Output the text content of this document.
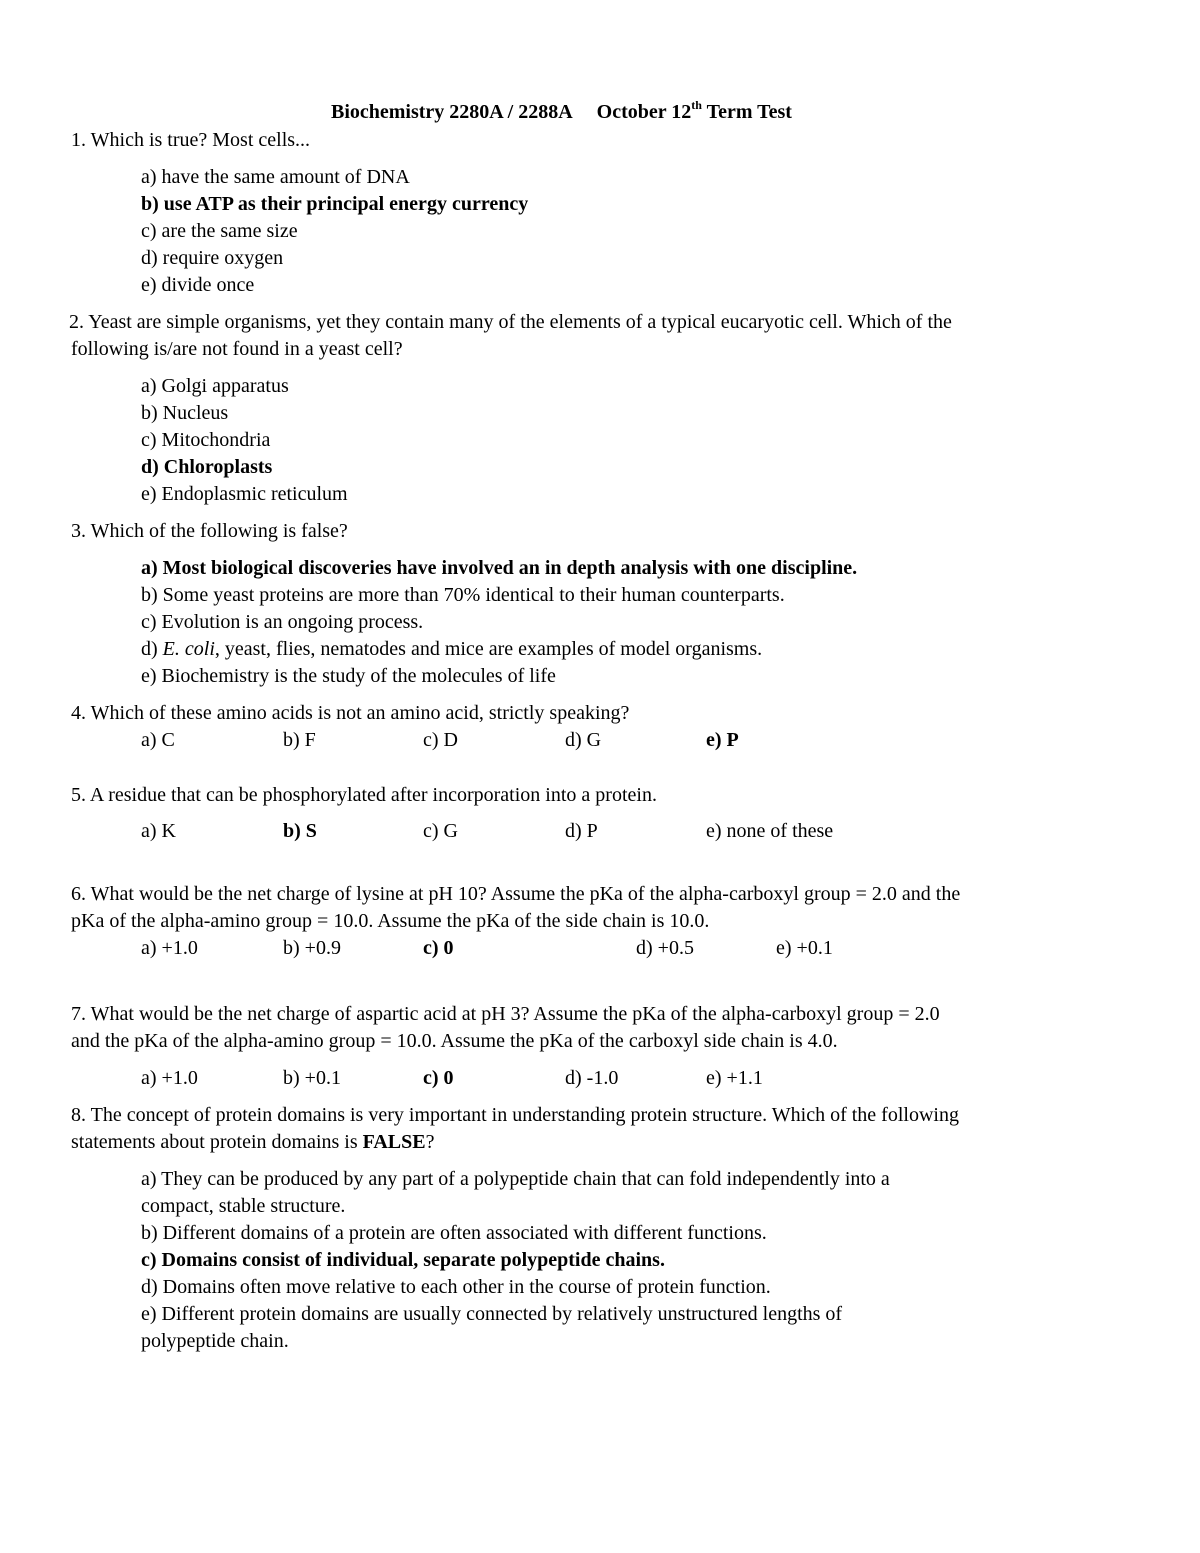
Biochemistry 2280A / 2288A October 12th Term Test
1. Which is true? Most cells...
a) have the same amount of DNA
b) use ATP as their principal energy currency
c) are the same size
d) require oxygen
e) divide once
2. Yeast are simple organisms, yet they contain many of the elements of a typical eucaryotic cell. Which of the
following is/are not found in a yeast cell?
a) Golgi apparatus
b) Nucleus
c) Mitochondria
d) Chloroplasts
e) Endoplasmic reticulum
3. Which of the following is false?
a) Most biological discoveries have involved an in depth analysis with one discipline.
b) Some yeast proteins are more than 70% identical to their human counterparts.
c) Evolution is an ongoing process.
d) E. coli, yeast, flies, nematodes and mice are examples of model organisms.
e) Biochemistry is the study of the molecules of life
4. Which of these amino acids is not an amino acid, strictly speaking?
a) C	b) F	c) D	d) G	e) P
5. A residue that can be phosphorylated after incorporation into a protein.
a) K	b) S	c) G	d) P	e) none of these
6. What would be the net charge of lysine at pH 10? Assume the pKa of the alpha-carboxyl group = 2.0 and the
pKa of the alpha-amino group = 10.0. Assume the pKa of the side chain is 10.0.
a) +1.0	b) +0.9	c) 0	d) +0.5	e) +0.1
7. What would be the net charge of aspartic acid at pH 3? Assume the pKa of the alpha-carboxyl group = 2.0
and the pKa of the alpha-amino group = 10.0. Assume the pKa of the carboxyl side chain is 4.0.
a) +1.0	b) +0.1	c) 0	d) -1.0	e) +1.1
8. The concept of protein domains is very important in understanding protein structure. Which of the following
statements about protein domains is FALSE?
a) They can be produced by any part of a polypeptide chain that can fold independently into a
compact, stable structure.
b) Different domains of a protein are often associated with different functions.
c) Domains consist of individual, separate polypeptide chains.
d) Domains often move relative to each other in the course of protein function.
e) Different protein domains are usually connected by relatively unstructured lengths of
polypeptide chain.
